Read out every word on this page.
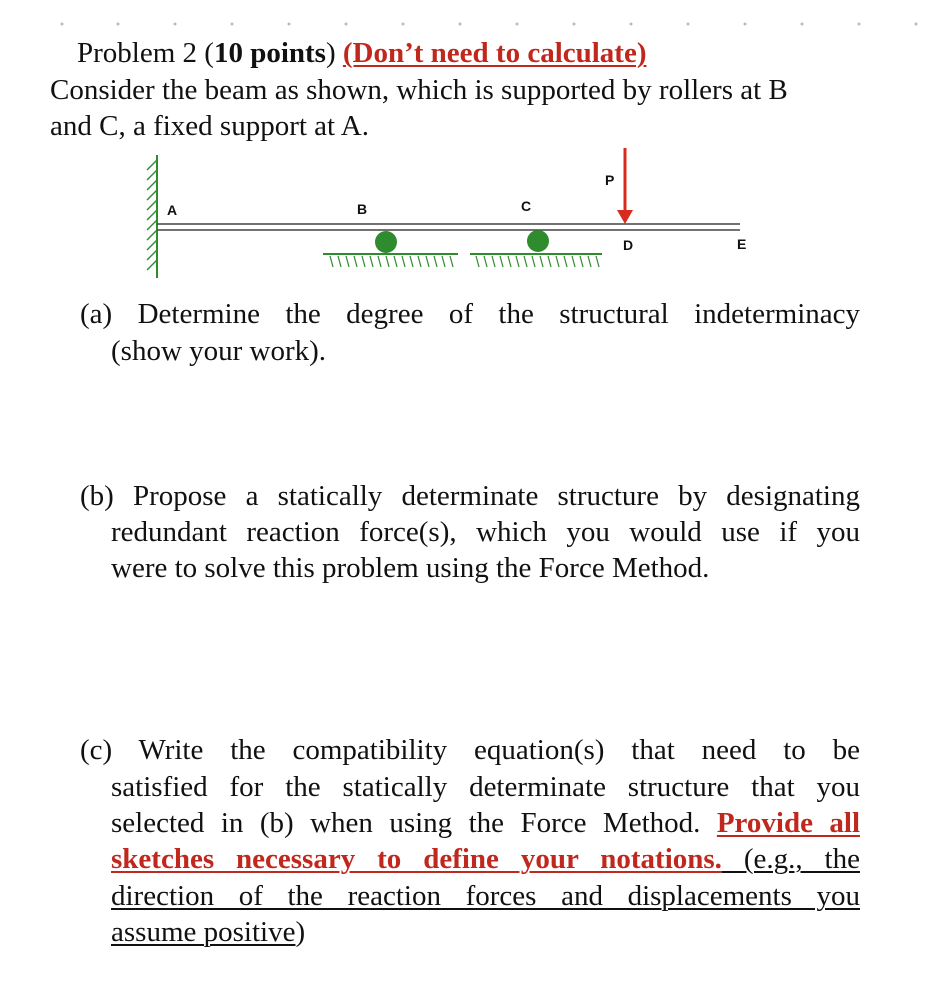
Problem 2 (10 points) (Don’t need to calculate)
Consider the beam as shown, which is supported by rollers at B
and C, a fixed support at A.
A	B	C
P
D	E
(a) Determine the degree of the structural indeterminacy
(show your work).
(b) Propose a statically determinate structure by designating
redundant reaction force(s), which you would use if you
were to solve this problem using the Force Method.
(c) Write the compatibility equation(s) that need to be
satisfied for the statically determinate structure that you
selected in (b) when using the Force Method. Provide all
sketches necessary to define your notations. (e.g., the
direction of the reaction forces and displacements you
assume positive)
